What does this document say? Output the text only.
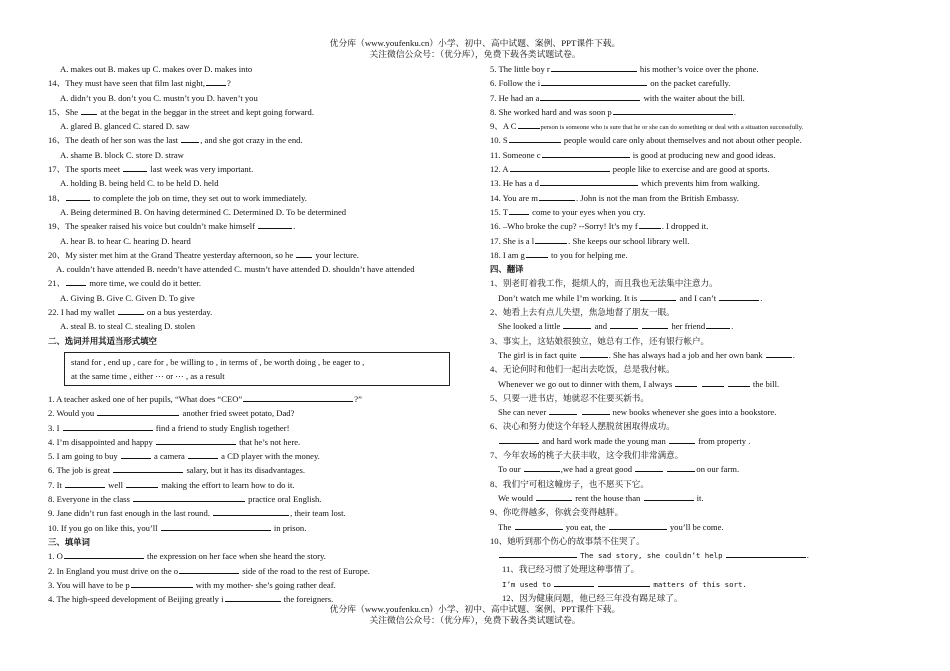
优分库（www.youfenku.cn）小学、初中、高中试题、案例、PPT课件下载。
关注微信公众号：（优分库），免费下载各类试题试卷。
A. makes out B. makes up C. makes over D. makes into
14、They must have seen that film last night,	?
A. didn’t you B. don’t you C. mustn’t you D. haven’t you
15、She	at the begat in the beggar in the street and kept going forward.
A. glared B. glanced C. stared D. saw
16、The death of her son was the last	, and she got crazy in the end.
A. shame B. block C. store D. straw
17、The sports meet	last week was very important.
A. holding B. being held C. to be held D. held
18、	to complete the job on time, they set out to work immediately.
A. Being determined B. On having determined C. Determined D. To be determined
19、The speaker raised his voice but couldn’t make himself	.
A. hear B. to hear C. hearing D. heard
20、My sister met him at the Grand Theatre yesterday afternoon, so he	your lecture.
A. couldn’t have attended B. needn’t have attended C. mustn’t have attended D. shouldn’t have attended
21、	more time, we could do it better.
A. Giving B. Give C. Given D. To give
22. I had my wallet	on a bus yesterday.
A. steal B. to steal C. stealing D. stolen
二、选词并用其适当形式填空
stand for , end up , care for , be willing to , in terms of , be worth doing , be eager to ,
at the same time , either ⋯ or ⋯ , as a result
1. A teacher asked one of her pupils, “What does “CEO”	?”
2. Would you	another fried sweet potato, Dad?
3. I	find a friend to study English together!
4. I’m disappointed and happy	that he’s not here.
5. I am going to buy	a camera	a CD player with the money.
6. The job is great	salary, but it has its disadvantages.
7. It	well	making the effort to learn how to do it.
8. Everyone in the class	practice oral English.
9. Jane didn’t run fast enough in the last round.	, their team lost.
10. If you go on like this, you’ll	in prison.
三、填单词
1. O	the expression on her face when she heard the story.
2. In England you must drive on the o	side of the road to the rest of Europe.
3. You will have to be p	with my mother- she’s going rather deaf.
4. The high-speed development of Beijing greatly i	the foreigners.
5. The little boy r	his mother’s voice over the phone.
6. Follow the i	on the packet carefully.
7. He had an a	with the waiter about the bill.
8. She worked hard and was soon p	.
9、A C	person is someone who is sure that he or she can do something or deal with a situation successfully.
10. S	people would care only about themselves and not about other people.
11. Someone c	is good at producing new and good ideas.
12. A	people like to exercise and are good at sports.
13. He has a d	which prevents him from walking.
14. You are m	. John is not the man from the British Embassy.
15. T	come to your eyes when you cry.
16. –Who broke the cup? --Sorry! It’s my f	. I dropped it.
17. She is a l	. She keeps our school library well.
18. I am g	to you for helping me.
四、翻译
1、别老盯着我工作，挺烦人的，而且我也无法集中注意力。
Don’t watch me while I’m working. It is	and I can’t	.
2、她看上去有点儿失望，焦急地督了朋友一眼。
She looked a little	and	her friend	.
3、事实上，这姑娘很独立，她总有工作，还有银行帐户。
The girl is in fact quite	. She has always had a job and her own bank	.
4、无论何时和他们一起出去吃饭，总是我付帐。
Whenever we go out to dinner with them, I always	the bill.
5、只要一进书店，她就忍不住要买新书。
She can never	new books whenever she goes into a bookstore.
6、决心和努力使这个年轻人摆脱贫困取得成功。
and hard work made the young man	from property .
7、今年农场的桃子大获丰收，这令我们非常满意。
To our	,we had a great good	on our farm.
8、我们宁可租这幢房子，也不愿买下它。
We would	rent the house than	it.
9、你吃得越多，你就会变得越胖。
The	you eat, the	you’ll be come.
10、她听到那个伤心的故事禁不住哭了。
The sad story, she couldn’t help	.
11、我已经习惯了处理这种事情了。
I’m used to	matters of this sort.
12、因为健康问题，他已经三年没有踢足球了。
优分库（www.youfenku.cn）小学、初中、高中试题、案例、PPT课件下载。
关注微信公众号：（优分库），免费下载各类试题试卷。
